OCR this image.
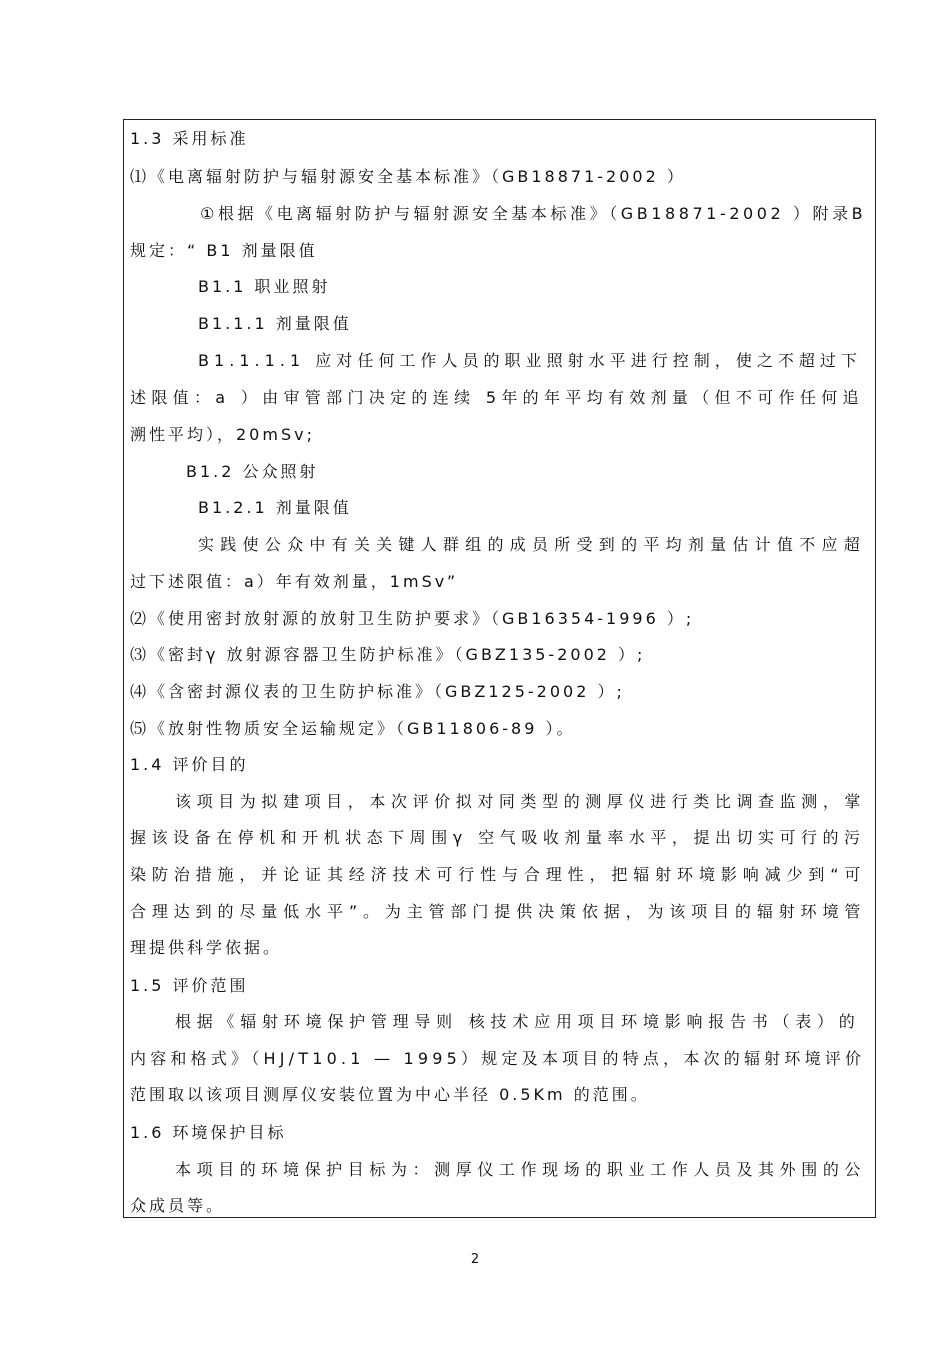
1.3 采用标准
⑴《电离辐射防护与辐射源安全基本标准》（GB18871-2002 ）
①根据《电离辐射防护与辐射源安全基本标准》（GB18871-2002 ）附录B
规定：“ B1 剂量限值
B1.1 职业照射
B1.1.1 剂量限值
B1.1.1.1 应对任何工作人员的职业照射水平进行控制，使之不超过下
述限值：a ）由审管部门决定的连续 5年的年平均有效剂量（但不可作任何追
溯性平均），20mSv;
B1.2 公众照射
B1.2.1 剂量限值
实践使公众中有关关键人群组的成员所受到的平均剂量估计值不应超
过下述限值：a）年有效剂量，1mSv”
⑵《使用密封放射源的放射卫生防护要求》（GB16354-1996 ）;
⑶《密封γ 放射源容器卫生防护标准》（GBZ135-2002 ）;
⑷《含密封源仪表的卫生防护标准》（GBZ125-2002 ）;
⑸《放射性物质安全运输规定》（GB11806-89 ）。
1.4 评价目的
该项目为拟建项目，本次评价拟对同类型的测厚仪进行类比调查监测，掌
握该设备在停机和开机状态下周围γ 空气吸收剂量率水平，提出切实可行的污
染防治措施，并论证其经济技术可行性与合理性，把辐射环境影响减少到“可
合理达到的尽量低水平”。为主管部门提供决策依据，为该项目的辐射环境管
理提供科学依据。
1.5 评价范围
根据《辐射环境保护管理导则 核技术应用项目环境影响报告书（表）的
内容和格式》（HJ/T10.1 — 1995）规定及本项目的特点，本次的辐射环境评价
范围取以该项目测厚仪安装位置为中心半径 0.5Km 的范围。
1.6 环境保护目标
本项目的环境保护目标为：测厚仪工作现场的职业工作人员及其外围的公
众成员等。
2
